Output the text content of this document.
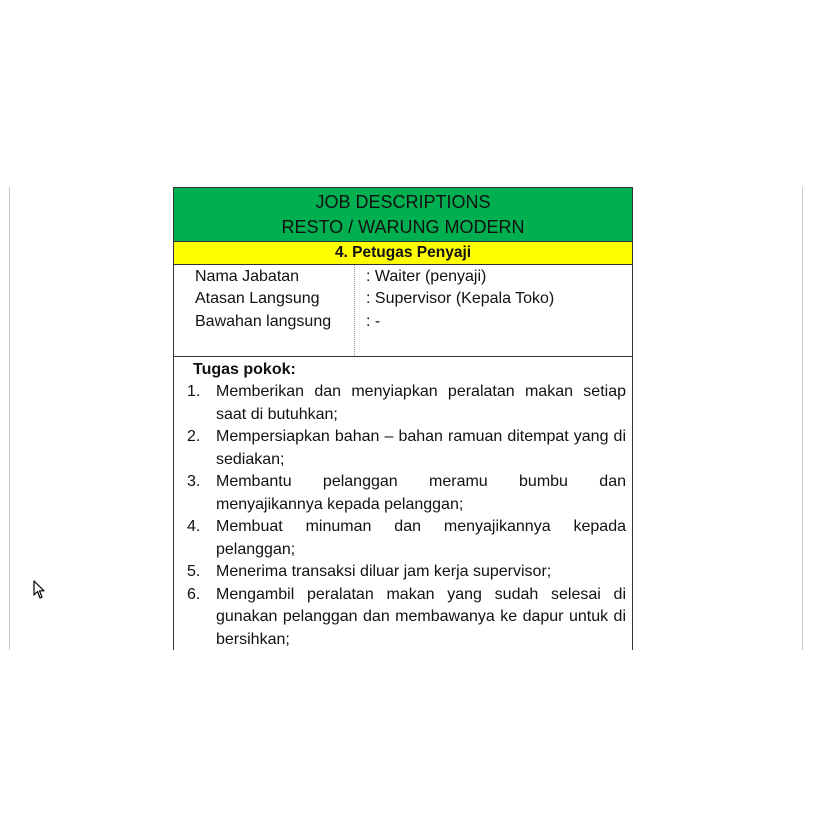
JOB DESCRIPTIONS
RESTO / WARUNG MODERN
4. Petugas Penyaji
Nama Jabatan	: Waiter (penyaji)
Atasan Langsung	: Supervisor (Kepala Toko)
Bawahan langsung : -
Tugas pokok:
1. Memberikan dan menyiapkan peralatan makan setiap saat di butuhkan;
2. Mempersiapkan bahan – bahan ramuan ditempat yang di sediakan;
3. Membantu pelanggan meramu bumbu dan menyajikannya kepada pelanggan;
4. Membuat minuman dan menyajikannya kepada pelanggan;
5. Menerima transaksi diluar jam kerja supervisor;
6. Mengambil peralatan makan yang sudah selesai di gunakan pelanggan dan membawanya ke dapur untuk di bersihkan;
